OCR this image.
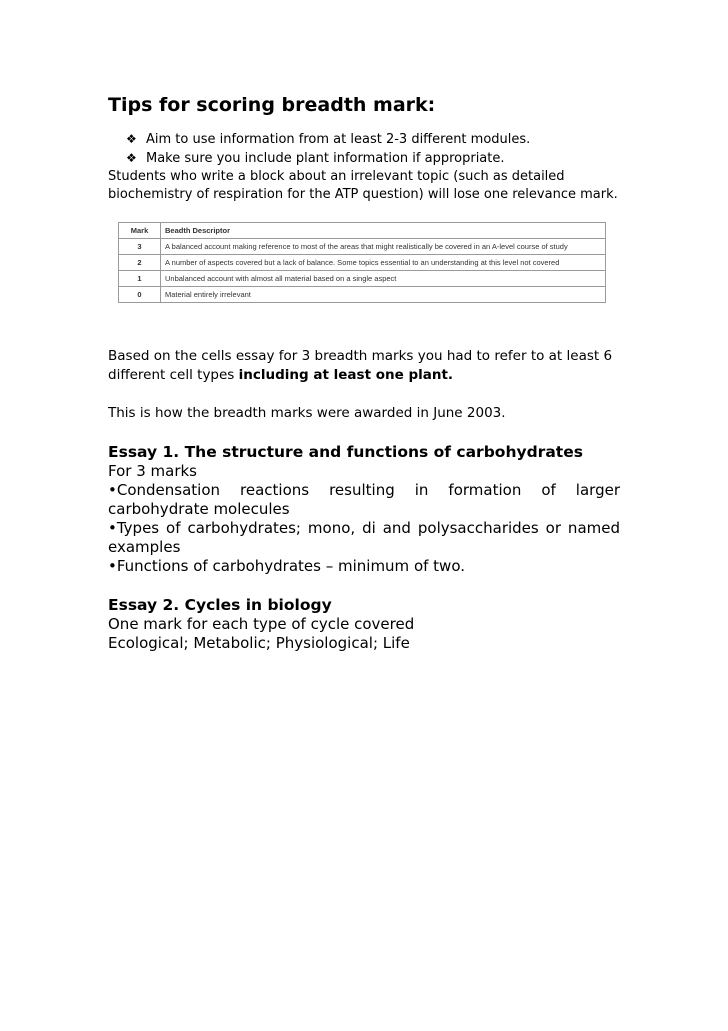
Tips for scoring breadth mark:
❖ Aim to use information from at least 2-3 different modules.
❖ Make sure you include plant information if appropriate.

Students who write a block about an irrelevant topic (such as detailed biochemistry of respiration for the ATP question) will lose one relevance mark.

Mark	Beadth Descriptor
3	A balanced account making reference to most of the areas that might realistically be covered in an A-level course of study
2	A number of aspects covered but a lack of balance. Some topics essential to an understanding at this level not covered
1	Unbalanced account with almost all material based on a single aspect
0	Material entirely irrelevant

Based on the cells essay for 3 breadth marks you had to refer to at least 6 different cell types including at least one plant.

This is how the breadth marks were awarded in June 2003.

Essay 1. The structure and functions of carbohydrates

For 3 marks

•Condensation reactions resulting in formation of larger carbohydrate molecules

•Types of carbohydrates; mono, di and polysaccharides or named examples

•Functions of carbohydrates – minimum of two.

Essay 2. Cycles in biology

One mark for each type of cycle covered

Ecological; Metabolic; Physiological; Life
